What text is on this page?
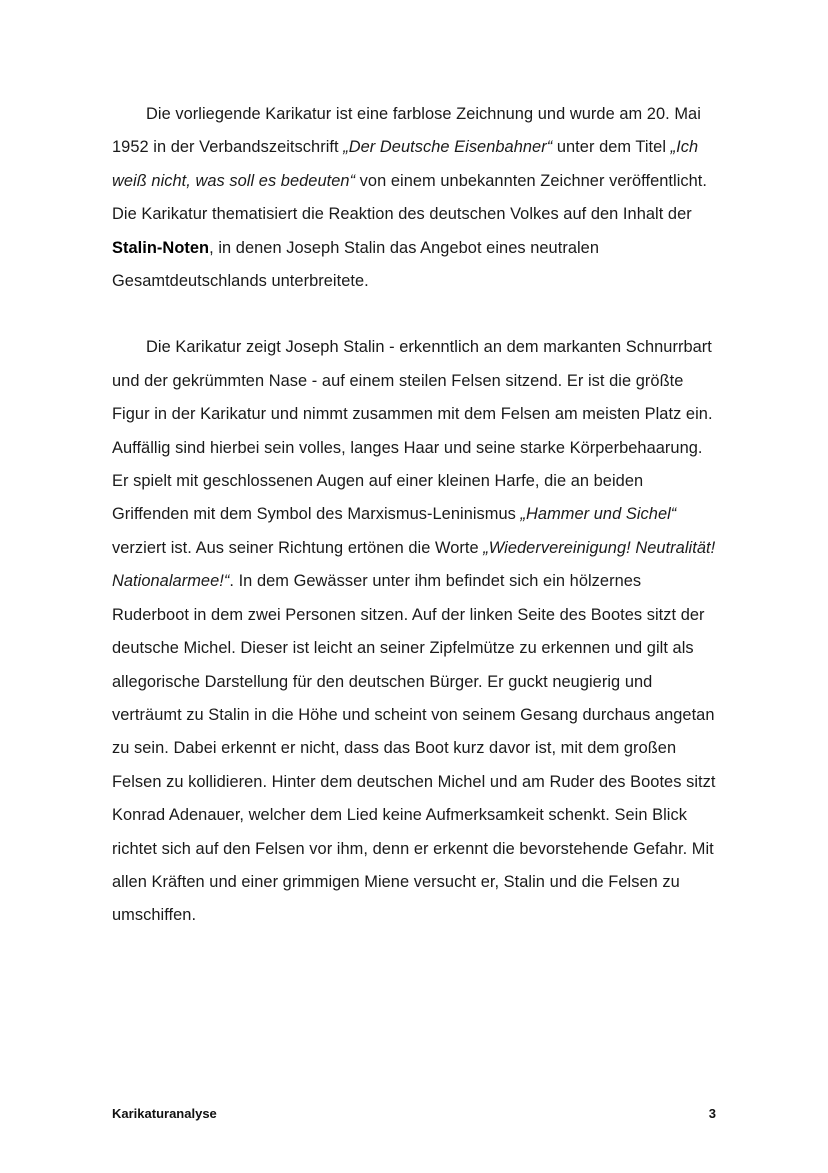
Die vorliegende Karikatur ist eine farblose Zeichnung und wurde am 20. Mai 1952 in der Verbandszeitschrift „Der Deutsche Eisenbahner“ unter dem Titel „Ich weiß nicht, was soll es bedeuten“ von einem unbekannten Zeichner veröffentlicht. Die Karikatur thematisiert die Reaktion des deutschen Volkes auf den Inhalt der Stalin-Noten, in denen Joseph Stalin das Angebot eines neutralen Gesamtdeutschlands unterbreitete.

Die Karikatur zeigt Joseph Stalin - erkenntlich an dem markanten Schnurrbart und der gekrümmten Nase - auf einem steilen Felsen sitzend. Er ist die größte Figur in der Karikatur und nimmt zusammen mit dem Felsen am meisten Platz ein. Auffällig sind hierbei sein volles, langes Haar und seine starke Körperbehaarung. Er spielt mit geschlossenen Augen auf einer kleinen Harfe, die an beiden Griffenden mit dem Symbol des Marxismus-Leninismus „Hammer und Sichel“ verziert ist. Aus seiner Richtung ertönen die Worte „Wiedervereinigung! Neutralität! Nationalarmee!“. In dem Gewässer unter ihm befindet sich ein hölzernes Ruderboot in dem zwei Personen sitzen. Auf der linken Seite des Bootes sitzt der deutsche Michel. Dieser ist leicht an seiner Zipfelmütze zu erkennen und gilt als allegorische Darstellung für den deutschen Bürger. Er guckt neugierig und verträumt zu Stalin in die Höhe und scheint von seinem Gesang durchaus angetan zu sein. Dabei erkennt er nicht, dass das Boot kurz davor ist, mit dem großen Felsen zu kollidieren. Hinter dem deutschen Michel und am Ruder des Bootes sitzt Konrad Adenauer, welcher dem Lied keine Aufmerksamkeit schenkt. Sein Blick richtet sich auf den Felsen vor ihm, denn er erkennt die bevorstehende Gefahr. Mit allen Kräften und einer grimmigen Miene versucht er, Stalin und die Felsen zu umschiffen.

Karikaturanalyse	3
